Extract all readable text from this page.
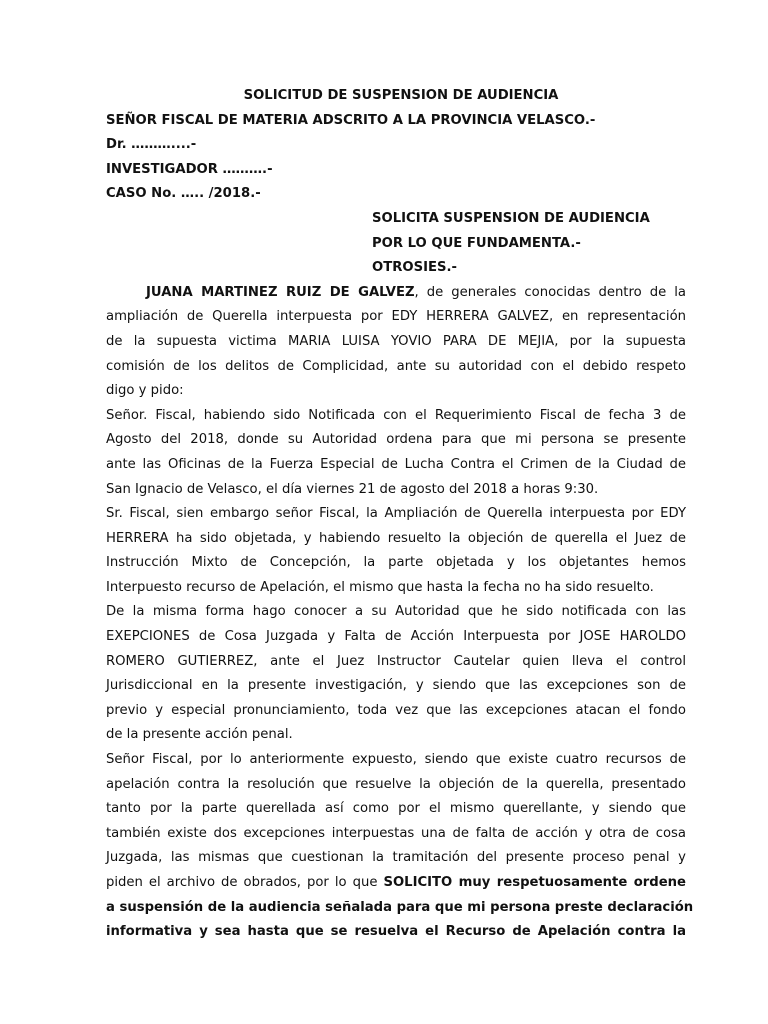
SOLICITUD DE SUSPENSION DE AUDIENCIA
SEÑOR FISCAL DE MATERIA ADSCRITO A LA PROVINCIA VELASCO.-
Dr. ………....-
INVESTIGADOR ……….-
CASO No. ….. /2018.-
SOLICITA SUSPENSION DE AUDIENCIA
POR LO QUE FUNDAMENTA.-
OTROSIES.-
JUANA MARTINEZ RUIZ DE GALVEZ, de generales conocidas dentro de la
ampliación de Querella interpuesta por EDY HERRERA GALVEZ, en representación
de la supuesta victima MARIA LUISA YOVIO PARA DE MEJIA, por la supuesta
comisión de los delitos de Complicidad, ante su autoridad con el debido respeto
digo y pido:
Señor. Fiscal, habiendo sido Notificada con el Requerimiento Fiscal de fecha 3 de
Agosto del 2018, donde su Autoridad ordena para que mi persona se presente
ante las Oficinas de la Fuerza Especial de Lucha Contra el Crimen de la Ciudad de
San Ignacio de Velasco, el día viernes 21 de agosto del 2018 a horas 9:30.
Sr. Fiscal, sien embargo señor Fiscal, la Ampliación de Querella interpuesta por EDY
HERRERA ha sido objetada, y habiendo resuelto la objeción de querella el Juez de
Instrucción Mixto de Concepción, la parte objetada y los objetantes hemos
Interpuesto recurso de Apelación, el mismo que hasta la fecha no ha sido resuelto.
De la misma forma hago conocer a su Autoridad que he sido notificada con las
EXEPCIONES de Cosa Juzgada y Falta de Acción Interpuesta por JOSE HAROLDO
ROMERO GUTIERREZ, ante el Juez Instructor Cautelar quien lleva el control
Jurisdiccional en la presente investigación, y siendo que las excepciones son de
previo y especial pronunciamiento, toda vez que las excepciones atacan el fondo
de la presente acción penal.
Señor Fiscal, por lo anteriormente expuesto, siendo que existe cuatro recursos de
apelación contra la resolución que resuelve la objeción de la querella, presentado
tanto por la parte querellada así como por el mismo querellante, y siendo que
también existe dos excepciones interpuestas una de falta de acción y otra de cosa
Juzgada, las mismas que cuestionan la tramitación del presente proceso penal y
piden el archivo de obrados, por lo que SOLICITO muy respetuosamente ordene
a suspensión de la audiencia señalada para que mi persona preste declaración
informativa y sea hasta que se resuelva el Recurso de Apelación contra la
